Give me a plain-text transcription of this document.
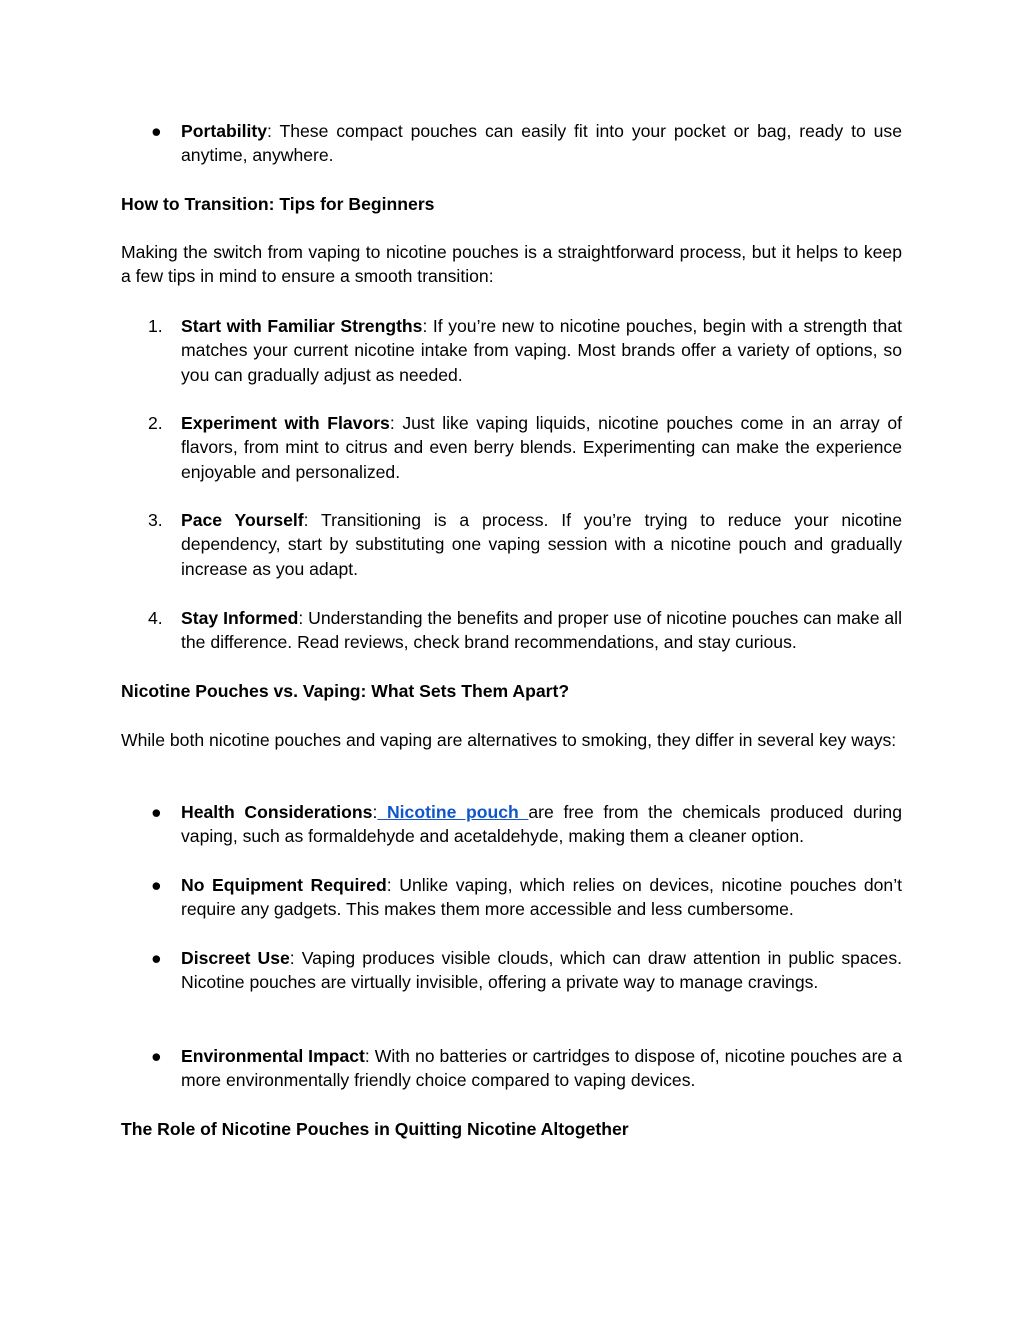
●	Portability: These compact pouches can easily fit into your pocket or bag, ready to use anytime, anywhere.
How to Transition: Tips for Beginners
Making the switch from vaping to nicotine pouches is a straightforward process, but it helps to keep a few tips in mind to ensure a smooth transition:
1.	Start with Familiar Strengths: If you’re new to nicotine pouches, begin with a strength that matches your current nicotine intake from vaping. Most brands offer a variety of options, so you can gradually adjust as needed.
2.	Experiment with Flavors: Just like vaping liquids, nicotine pouches come in an array of flavors, from mint to citrus and even berry blends. Experimenting can make the experience enjoyable and personalized.
3.	Pace Yourself: Transitioning is a process. If you’re trying to reduce your nicotine dependency, start by substituting one vaping session with a nicotine pouch and gradually increase as you adapt.
4.	Stay Informed: Understanding the benefits and proper use of nicotine pouches can make all the difference. Read reviews, check brand recommendations, and stay curious.
Nicotine Pouches vs. Vaping: What Sets Them Apart?
While both nicotine pouches and vaping are alternatives to smoking, they differ in several key ways:
●	Health Considerations: Nicotine pouch are free from the chemicals produced during vaping, such as formaldehyde and acetaldehyde, making them a cleaner option.
●	No Equipment Required: Unlike vaping, which relies on devices, nicotine pouches don’t require any gadgets. This makes them more accessible and less cumbersome.
●	Discreet Use: Vaping produces visible clouds, which can draw attention in public spaces. Nicotine pouches are virtually invisible, offering a private way to manage cravings.
●	Environmental Impact: With no batteries or cartridges to dispose of, nicotine pouches are a more environmentally friendly choice compared to vaping devices.
The Role of Nicotine Pouches in Quitting Nicotine Altogether
